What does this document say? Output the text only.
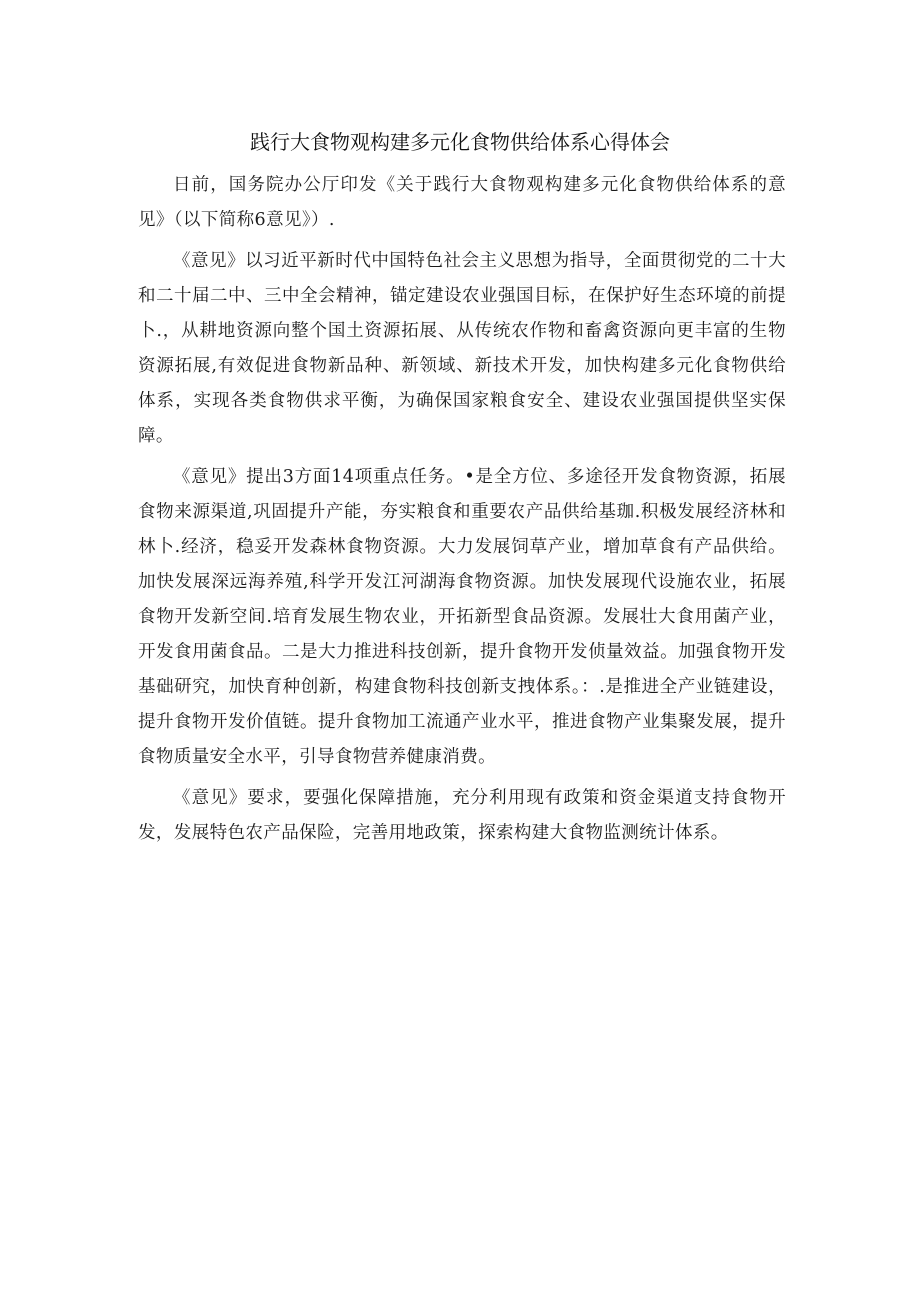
践行大食物观构建多元化食物供给体系心得体会

日前，国务院办公厅印发《关于践行大食物观构建多元化食物供给体系的意见》（以下简称6意见》）.

《意见》以习近平新时代中国特色社会主义思想为指导，全面贯彻党的二十大和二十届二中、三中全会精神，锚定建设农业强国目标，在保护好生态环境的前提卜.，从耕地资源向整个国土资源拓展、从传统农作物和畜禽资源向更丰富的生物资源拓展,有效促进食物新品种、新领域、新技术开发，加快构建多元化食物供给体系，实现各类食物供求平衡，为确保国家粮食安全、建设农业强国提供坚实保障。

《意见》提出3方面14项重点任务。•是全方位、多途径开发食物资源，拓展食物来源渠道,巩固提升产能，夯实粮食和重要农产品供给基珈.积极发展经济林和林卜.经济，稳妥开发森林食物资源。大力发展饲草产业，增加草食有产品供给。加快发展深远海养殖,科学开发江河湖海食物资源。加快发展现代设施农业，拓展食物开发新空间.培育发展生物农业，开拓新型食品资源。发展壮大食用菌产业，开发食用菌食品。二是大力推进科技创新，提升食物开发侦量效益。加强食物开发基础研究，加快育种创新，构建食物科技创新支拽体系。：.是推进全产业链建设，提升食物开发价值链。提升食物加工流通产业水平，推进食物产业集聚发展，提升食物质量安全水平，引导食物营养健康消费。

《意见》要求，要强化保障措施，充分利用现有政策和资金渠道支持食物开发，发展特色农产品保险，完善用地政策，探索构建大食物监测统计体系。
